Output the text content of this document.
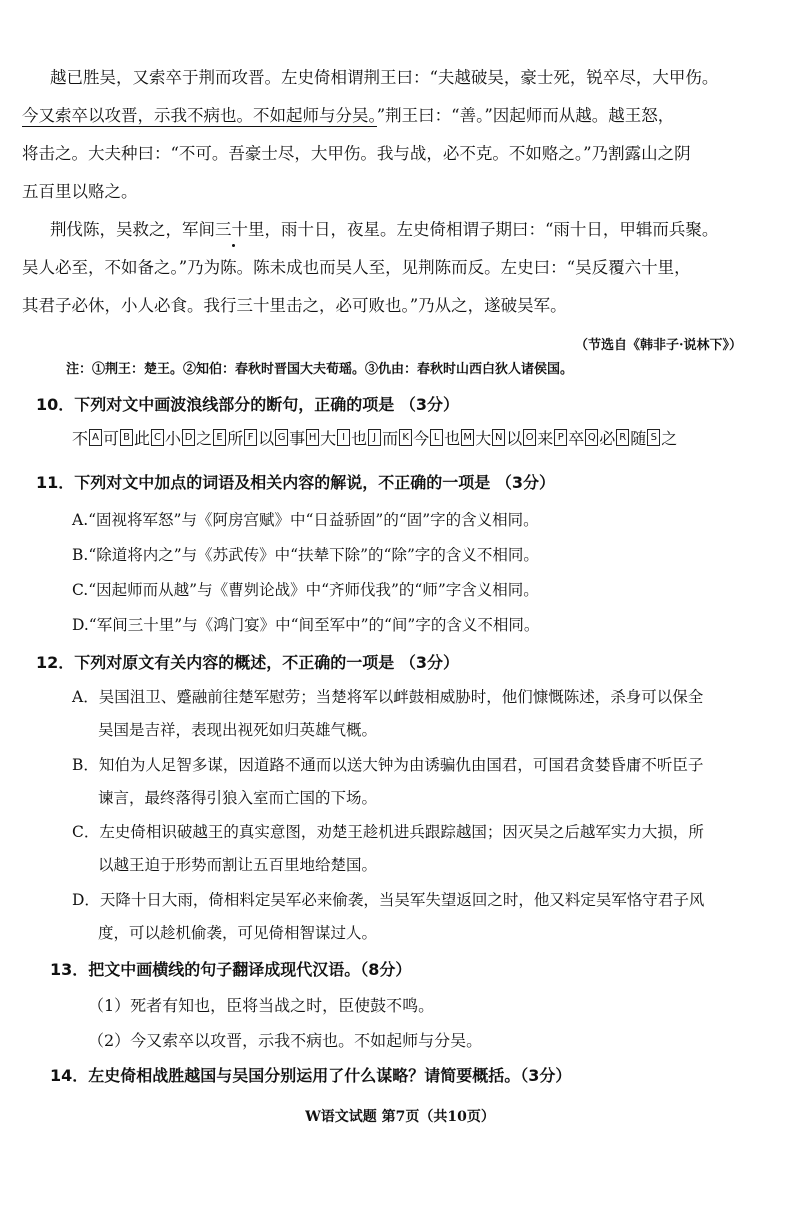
越已胜吴，又索卒于荆而攻晋。左史倚相谓荆王曰：“夫越破吴，豪士死，锐卒尽，大甲伤。
今又索卒以攻晋，示我不病也。不如起师与分吴。”荆王曰：“善。”因起师而从越。越王怒，
将击之。大夫种曰：“不可。吾豪士尽，大甲伤。我与战，必不克。不如赂之。”乃割露山之阴
五百里以赂之。
荆伐陈，吴救之，军间三十里，雨十日，夜星。左史倚相谓子期曰：“雨十日，甲辑而兵聚。
吴人必至，不如备之。”乃为陈。陈未成也而吴人至，见荆陈而反。左史曰：“吴反覆六十里，
其君子必休，小人必食。我行三十里击之，必可败也。”乃从之，遂破吴军。
（节选自《韩非子·说林下》）
注：①荆王：楚王。②知伯：春秋时晋国大夫荀瑶。③仇由：春秋时山西白狄人诸侯国。
10．下列对文中画波浪线部分的断句，正确的项是 （3分）
不 A 可 B 此 C 小 D 之 E 所 F 以 G 事 H 大 I 也 J 而 K 今 L 也 M 大 N 以 O 来 P 卒 Q 必 R 随 S 之
11．下列对文中加点的词语及相关内容的解说，不正确的一项是 （3分）
A.“固视将军怒”与《阿房宫赋》中“日益骄固”的“固”字的含义相同。
B.“除道将内之”与《苏武传》中“扶辇下除”的“除”字的含义不相同。
C.“因起师而从越”与《曹刿论战》中“齐师伐我”的“师”字含义相同。
D.“军间三十里”与《鸿门宴》中“间至军中”的“间”字的含义不相同。
12．下列对原文有关内容的概述，不正确的一项是 （3分）
A．吴国沮卫、蹙融前往楚军慰劳；当楚将军以衅鼓相威胁时，他们慷慨陈述，杀身可以保全
吴国是吉祥，表现出视死如归英雄气概。
B．知伯为人足智多谋，因道路不通而以送大钟为由诱骗仇由国君，可国君贪婪昏庸不听臣子
谏言，最终落得引狼入室而亡国的下场。
C．左史倚相识破越王的真实意图，劝楚王趁机进兵跟踪越国；因灭吴之后越军实力大损，所
以越王迫于形势而割让五百里地给楚国。
D．天降十日大雨，倚相料定吴军必来偷袭，当吴军失望返回之时，他又料定吴军恪守君子风
度，可以趁机偷袭，可见倚相智谋过人。
13．把文中画横线的句子翻译成现代汉语。（8分）
（1）死者有知也，臣将当战之时，臣使鼓不鸣。
（2）今又索卒以攻晋，示我不病也。不如起师与分吴。
14．左史倚相战胜越国与吴国分别运用了什么谋略？请简要概括。（3分）
W语文试题 第7页（共10页）
